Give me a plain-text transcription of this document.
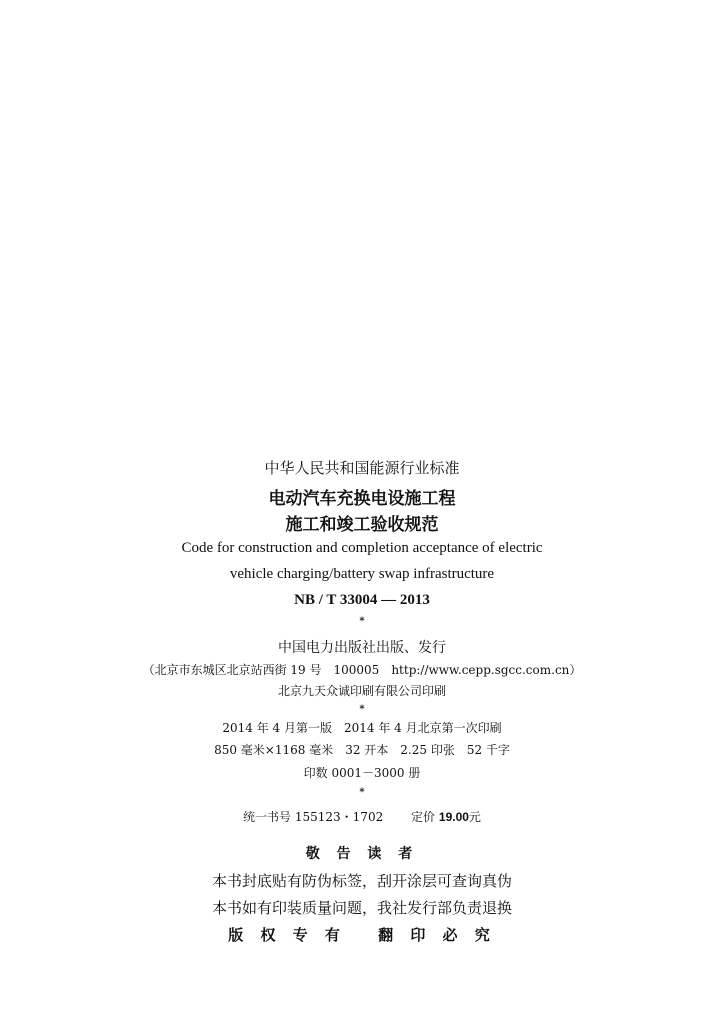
中华人民共和国能源行业标准
电动汽车充换电设施工程
施工和竣工验收规范
Code for construction and completion acceptance of electric
vehicle charging/battery swap infrastructure
NB / T 33004 — 2013
*
中国电力出版社出版、发行
（北京市东城区北京站西街 19 号　100005　http://www.cepp.sgcc.com.cn）
北京九天众诚印刷有限公司印刷
*
2014 年 4 月第一版　2014 年 4 月北京第一次印刷
850 毫米×1168 毫米　32 开本　2.25 印张　52 千字
印数 0001－3000 册
*
统一书号 155123・1702   定价 19.00元
敬 告 读 者
本书封底贴有防伪标签，刮开涂层可查询真伪
本书如有印装质量问题，我社发行部负责退换
版 权 专 有　 翻 印 必 究
